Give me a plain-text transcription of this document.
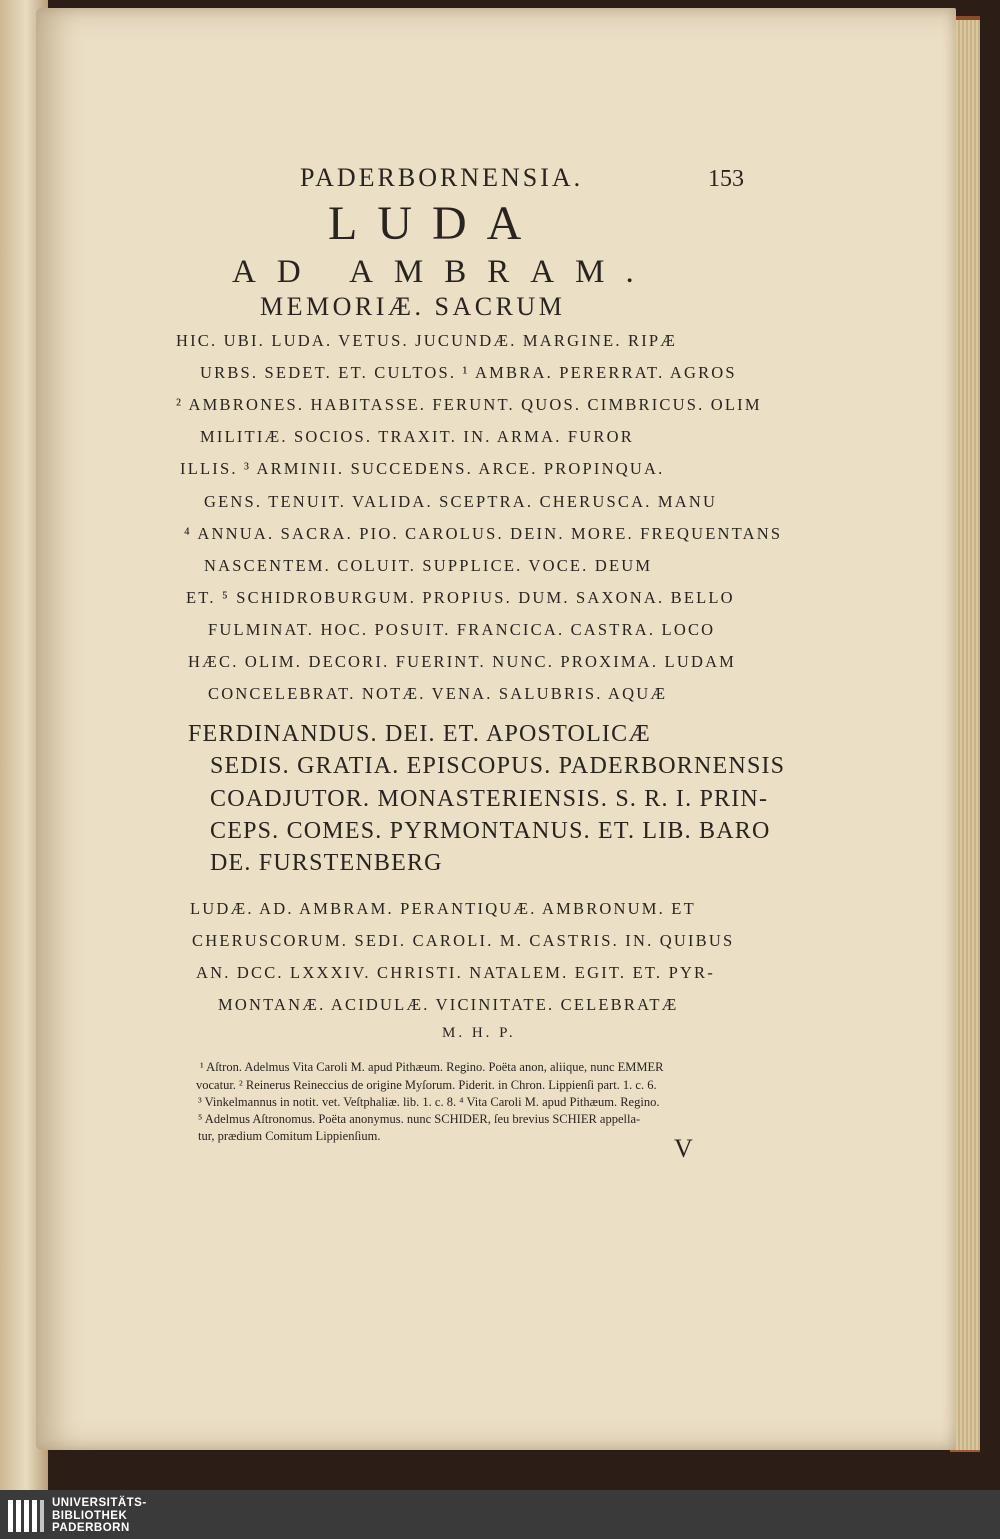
PADERBORNENSIA.	153
LUDA
AD AMBRAM.
MEMORIÆ. SACRUM
HIC. UBI. LUDA. VETUS. JUCUNDÆ. MARGINE. RIPÆ
URBS. SEDET. ET. CULTOS. ¹ AMBRA. PERERRAT. AGROS
² AMBRONES. HABITASSE. FERUNT. QUOS. CIMBRICUS. OLIM
MILITIÆ. SOCIOS. TRAXIT. IN. ARMA. FUROR
ILLIS. ³ ARMINII. SUCCEDENS. ARCE. PROPINQUA.
GENS. TENUIT. VALIDA. SCEPTRA. CHERUSCA. MANU
⁴ ANNUA. SACRA. PIO. CAROLUS. DEIN. MORE. FREQUENTANS
NASCENTEM. COLUIT. SUPPLICE. VOCE. DEUM
ET. ⁵ SCHIDROBURGUM. PROPIUS. DUM. SAXONA. BELLO
FULMINAT. HOC. POSUIT. FRANCICA. CASTRA. LOCO
HÆC. OLIM. DECORI. FUERINT. NUNC. PROXIMA. LUDAM
CONCELEBRAT. NOTÆ. VENA. SALUBRIS. AQUÆ
FERDINANDUS. DEI. ET. APOSTOLICÆ
SEDIS. GRATIA. EPISCOPUS. PADERBORNENSIS
COADJUTOR. MONASTERIENSIS. S. R. I. PRIN-
CEPS. COMES. PYRMONTANUS. ET. LIB. BARO
DE. FURSTENBERG
LUDÆ. AD. AMBRAM. PERANTIQUÆ. AMBRONUM. ET
CHERUSCORUM. SEDI. CAROLI. M. CASTRIS. IN. QUIBUS
AN. DCC. LXXXIV. CHRISTI. NATALEM. EGIT. ET. PYR-
MONTANÆ. ACIDULÆ. VICINITATE. CELEBRATÆ
M. H. P.
¹ Aſtron. Adelmus Vita Caroli M. apud Pithæum. Regino. Poëta anon, aliique, nunc EMMER
vocatur. ² Reinerus Reineccius de origine Myſorum. Piderit. in Chron. Lippienſi part. 1. c. 6.
³ Vinkelmannus in notit. vet. Veſtphaliæ. lib. 1. c. 8. ⁴ Vita Caroli M. apud Pithæum. Regino.
⁵ Adelmus Aſtronomus. Poëta anonymus. nunc SCHIDER, ſeu brevius SCHIER appella-
tur, prædium Comitum Lippienſium.	V
UNIVERSITÄTS-
BIBLIOTHEK
PADERBORN
